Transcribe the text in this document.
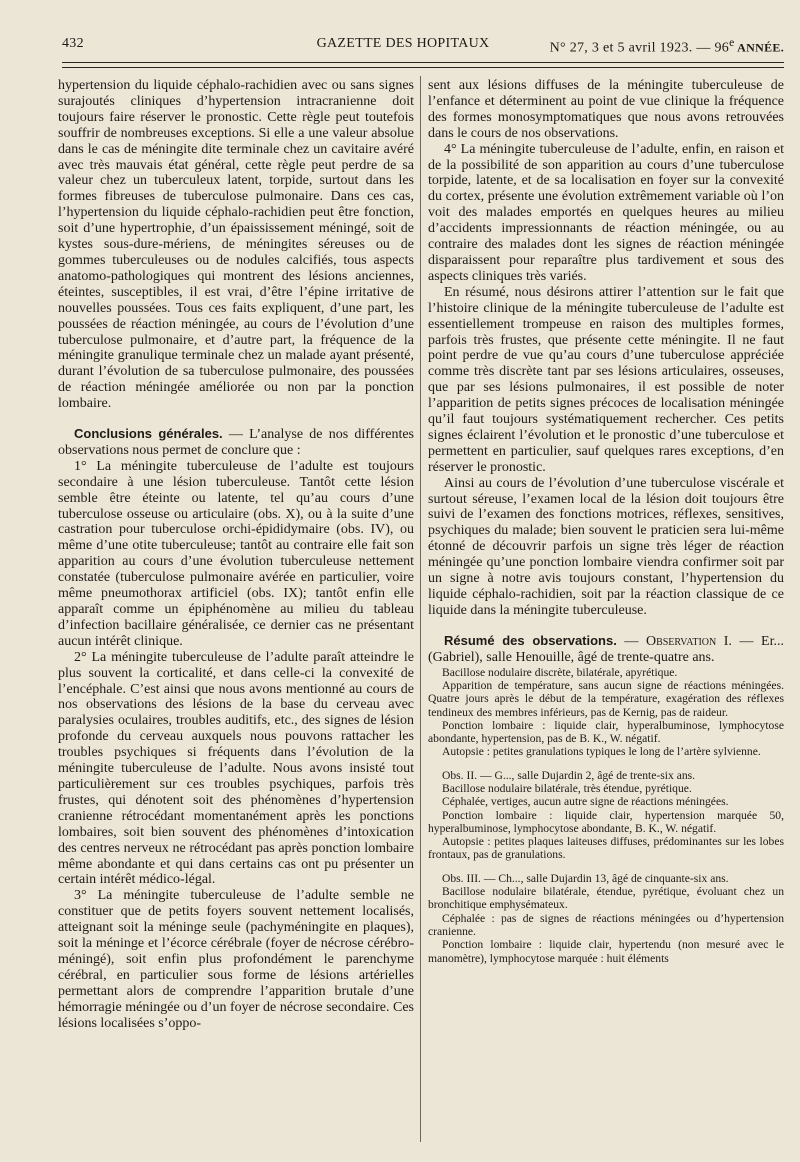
432	GAZETTE DES HOPITAUX	N° 27, 3 et 5 avril 1923. — 96e ANNÉE.

hypertension du liquide céphalo-rachidien avec ou sans signes surajoutés cliniques d’hypertension intracranienne doit toujours faire réserver le pronostic. Cette règle peut toutefois souffrir de nombreuses exceptions. Si elle a une valeur absolue dans le cas de méningite dite terminale chez un cavitaire avéré avec très mauvais état général, cette règle peut perdre de sa valeur chez un tuberculeux latent, torpide, surtout dans les formes fibreuses de tuberculose pulmonaire. Dans ces cas, l’hypertension du liquide céphalo-rachidien peut être fonction, soit d’une hypertrophie, d’un épaississement méningé, soit de kystes sous-dure-mériens, de méningites séreuses ou de gommes tuberculeuses ou de nodules calcifiés, tous aspects anatomo-pathologiques qui montrent des lésions anciennes, éteintes, susceptibles, il est vrai, d’être l’épine irritative de nouvelles poussées. Tous ces faits expliquent, d’une part, les poussées de réaction méningée, au cours de l’évolution d’une tuberculose pulmonaire, et d’autre part, la fréquence de la méningite granulique terminale chez un malade ayant présenté, durant l’évolution de sa tuberculose pulmonaire, des poussées de réaction méningée améliorée ou non par la ponction lombaire.

Conclusions générales. — L’analyse de nos différentes observations nous permet de conclure que :

1° La méningite tuberculeuse de l’adulte est toujours secondaire à une lésion tuberculeuse. Tantôt cette lésion semble être éteinte ou latente, tel qu’au cours d’une tuberculose osseuse ou articulaire (obs. X), ou à la suite d’une castration pour tuberculose orchi-épididymaire (obs. IV), ou même d’une otite tuberculeuse; tantôt au contraire elle fait son apparition au cours d’une évolution tuberculeuse nettement constatée (tuberculose pulmonaire avérée en particulier, voire même pneumothorax artificiel (obs. IX); tantôt enfin elle apparaît comme un épiphénomène au milieu du tableau d’infection bacillaire généralisée, ce dernier cas ne présentant aucun intérêt clinique.

2° La méningite tuberculeuse de l’adulte paraît atteindre le plus souvent la corticalité, et dans celle-ci la convexité de l’encéphale. C’est ainsi que nous avons mentionné au cours de nos observations des lésions de la base du cerveau avec paralysies oculaires, troubles auditifs, etc., des signes de lésion profonde du cerveau auxquels nous pouvons rattacher les troubles psychiques si fréquents dans l’évolution de la méningite tuberculeuse de l’adulte. Nous avons insisté tout particulièrement sur ces troubles psychiques, parfois très frustes, qui dénotent soit des phénomènes d’hypertension cranienne rétrocédant momentanément après les ponctions lombaires, soit bien souvent des phénomènes d’intoxication des centres nerveux ne rétrocédant pas après ponction lombaire même abondante et qui dans certains cas ont pu présenter un certain intérêt médico-légal.

3° La méningite tuberculeuse de l’adulte semble ne constituer que de petits foyers souvent nettement localisés, atteignant soit la méninge seule (pachyméningite en plaques), soit la méninge et l’écorce cérébrale (foyer de nécrose cérébro-méningé), soit enfin plus profondément le parenchyme cérébral, en particulier sous forme de lésions artérielles permettant alors de comprendre l’apparition brutale d’une hémorragie méningée ou d’un foyer de nécrose secondaire. Ces lésions localisées s’oppo-

sent aux lésions diffuses de la méningite tuberculeuse de l’enfance et déterminent au point de vue clinique la fréquence des formes monosymptomatiques que nous avons retrouvées dans le cours de nos observations.

4° La méningite tuberculeuse de l’adulte, enfin, en raison et de la possibilité de son apparition au cours d’une tuberculose torpide, latente, et de sa localisation en foyer sur la convexité du cortex, présente une évolution extrêmement variable où l’on voit des malades emportés en quelques heures au milieu d’accidents impressionnants de réaction méningée, ou au contraire des malades dont les signes de réaction méningée disparaissent pour reparaître plus tardivement et sous des aspects cliniques très variés.

En résumé, nous désirons attirer l’attention sur le fait que l’histoire clinique de la méningite tuberculeuse de l’adulte est essentiellement trompeuse en raison des multiples formes, parfois très frustes, que présente cette méningite. Il ne faut point perdre de vue qu’au cours d’une tuberculose appréciée comme très discrète tant par ses lésions articulaires, osseuses, que par ses lésions pulmonaires, il est possible de noter l’apparition de petits signes précoces de localisation méningée qu’il faut toujours systématiquement rechercher. Ces petits signes éclairent l’évolution et le pronostic d’une tuberculose et permettent en particulier, sauf quelques rares exceptions, d’en réserver le pronostic.

Ainsi au cours de l’évolution d’une tuberculose viscérale et surtout séreuse, l’examen local de la lésion doit toujours être suivi de l’examen des fonctions motrices, réflexes, sensitives, psychiques du malade; bien souvent le praticien sera lui-même étonné de découvrir parfois un signe très léger de réaction méningée qu’une ponction lombaire viendra confirmer soit par un signe à notre avis toujours constant, l’hypertension du liquide céphalo-rachidien, soit par la réaction classique de ce liquide dans la méningite tuberculeuse.

Résumé des observations. — Observation I. — Er... (Gabriel), salle Henouille, âgé de trente-quatre ans.

Bacillose nodulaire discrète, bilatérale, apyrétique.

Apparition de température, sans aucun signe de réactions méningées. Quatre jours après le début de la température, exagération des réflexes tendineux des membres inférieurs, pas de Kernig, pas de raideur.

Ponction lombaire : liquide clair, hyperalbuminose, lymphocytose abondante, hypertension, pas de B. K., W. négatif.

Autopsie : petites granulations typiques le long de l’artère sylvienne.

Obs. II. — G..., salle Dujardin 2, âgé de trente-six ans.

Bacillose nodulaire bilatérale, très étendue, pyrétique.

Céphalée, vertiges, aucun autre signe de réactions méningées.

Ponction lombaire : liquide clair, hypertension marquée 50, hyperalbuminose, lymphocytose abondante, B. K., W. négatif.

Autopsie : petites plaques laiteuses diffuses, prédominantes sur les lobes frontaux, pas de granulations.

Obs. III. — Ch..., salle Dujardin 13, âgé de cinquante-six ans.

Bacillose nodulaire bilatérale, étendue, pyrétique, évoluant chez un bronchitique emphysémateux.

Céphalée : pas de signes de réactions méningées ou d’hypertension cranienne.

Ponction lombaire : liquide clair, hypertendu (non mesuré avec le manomètre), lymphocytose marquée : huit éléments
